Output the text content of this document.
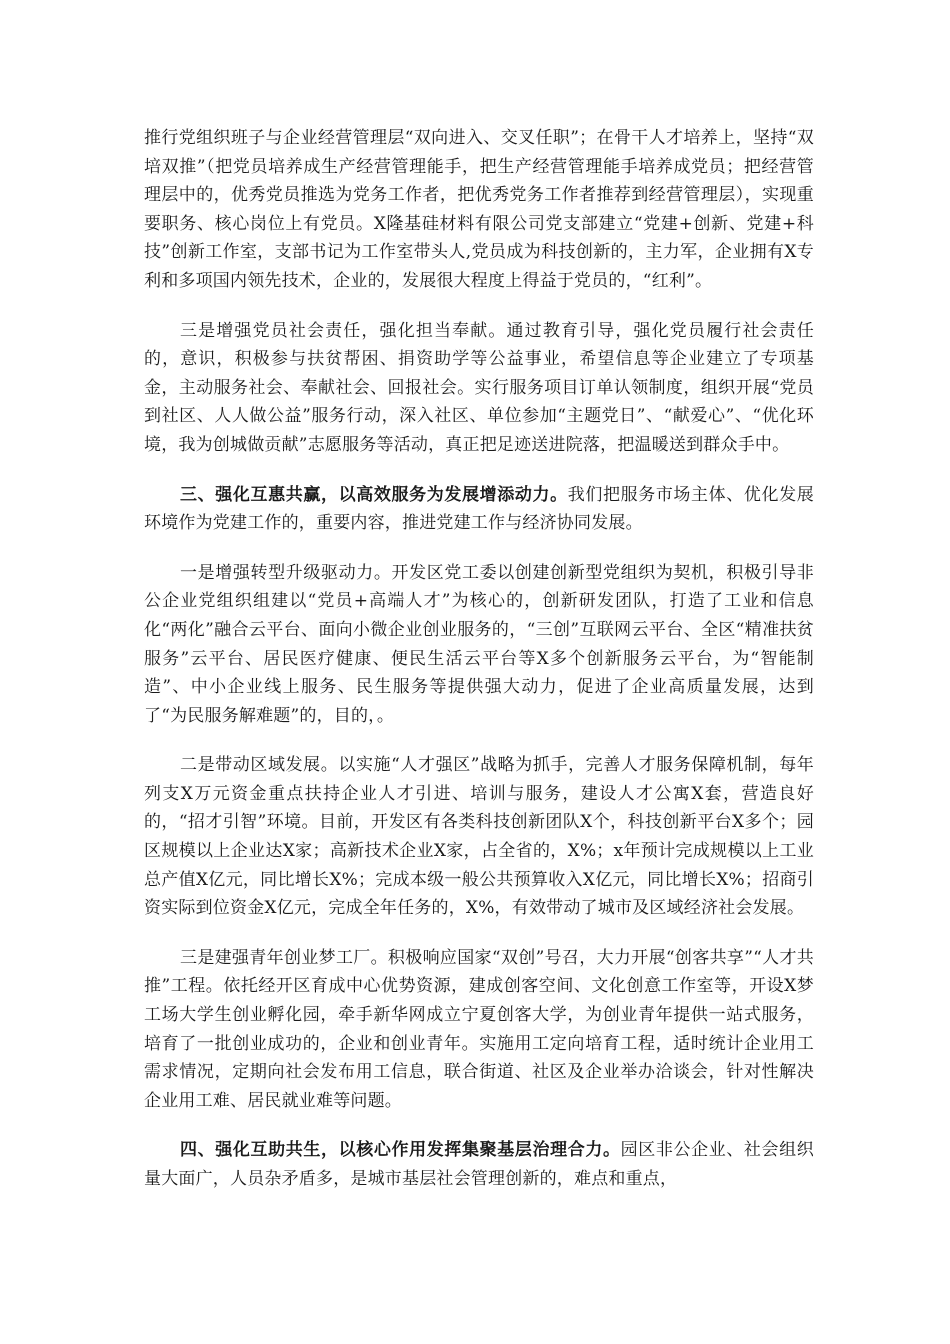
推行党组织班子与企业经营管理层“双向进入、交叉任职”；在骨干人才培养上，坚持“双培双推”（把党员培养成生产经营管理能手，把生产经营管理能手培养成党员；把经营管理层中的，优秀党员推选为党务工作者，把优秀党务工作者推荐到经营管理层），实现重要职务、核心岗位上有党员。X隆基硅材料有限公司党支部建立“党建+创新、党建+科技”创新工作室，支部书记为工作室带头人,党员成为科技创新的，主力军，企业拥有X专利和多项国内领先技术，企业的，发展很大程度上得益于党员的，“红利”。

三是增强党员社会责任，强化担当奉献。通过教育引导，强化党员履行社会责任的，意识，积极参与扶贫帮困、捐资助学等公益事业，希望信息等企业建立了专项基金，主动服务社会、奉献社会、回报社会。实行服务项目订单认领制度，组织开展“党员到社区、人人做公益”服务行动，深入社区、单位参加“主题党日”、“献爱心”、“优化环境，我为创城做贡献”志愿服务等活动，真正把足迹送进院落，把温暖送到群众手中。

三、强化互惠共赢，以高效服务为发展增添动力。我们把服务市场主体、优化发展环境作为党建工作的，重要内容，推进党建工作与经济协同发展。

一是增强转型升级驱动力。开发区党工委以创建创新型党组织为契机，积极引导非公企业党组织组建以“党员+高端人才”为核心的，创新研发团队，打造了工业和信息化“两化”融合云平台、面向小微企业创业服务的，“三创”互联网云平台、全区“精准扶贫服务”云平台、居民医疗健康、便民生活云平台等X多个创新服务云平台，为“智能制造”、中小企业线上服务、民生服务等提供强大动力，促进了企业高质量发展，达到了“为民服务解难题”的，目的，。

二是带动区域发展。以实施“人才强区”战略为抓手，完善人才服务保障机制，每年列支X万元资金重点扶持企业人才引进、培训与服务，建设人才公寓X套，营造良好的，“招才引智”环境。目前，开发区有各类科技创新团队X个，科技创新平台X多个；园区规模以上企业达X家；高新技术企业X家，占全省的，X%；x年预计完成规模以上工业总产值X亿元，同比增长X%；完成本级一般公共预算收入X亿元，同比增长X%；招商引资实际到位资金X亿元，完成全年任务的，X%，有效带动了城市及区域经济社会发展。

三是建强青年创业梦工厂。积极响应国家“双创”号召，大力开展“创客共享”“人才共推”工程。依托经开区育成中心优势资源，建成创客空间、文化创意工作室等，开设X梦工场大学生创业孵化园，牵手新华网成立宁夏创客大学，为创业青年提供一站式服务，培育了一批创业成功的，企业和创业青年。实施用工定向培育工程，适时统计企业用工需求情况，定期向社会发布用工信息，联合街道、社区及企业举办洽谈会，针对性解决企业用工难、居民就业难等问题。

四、强化互助共生，以核心作用发挥集聚基层治理合力。园区非公企业、社会组织量大面广，人员杂矛盾多，是城市基层社会管理创新的，难点和重点，
